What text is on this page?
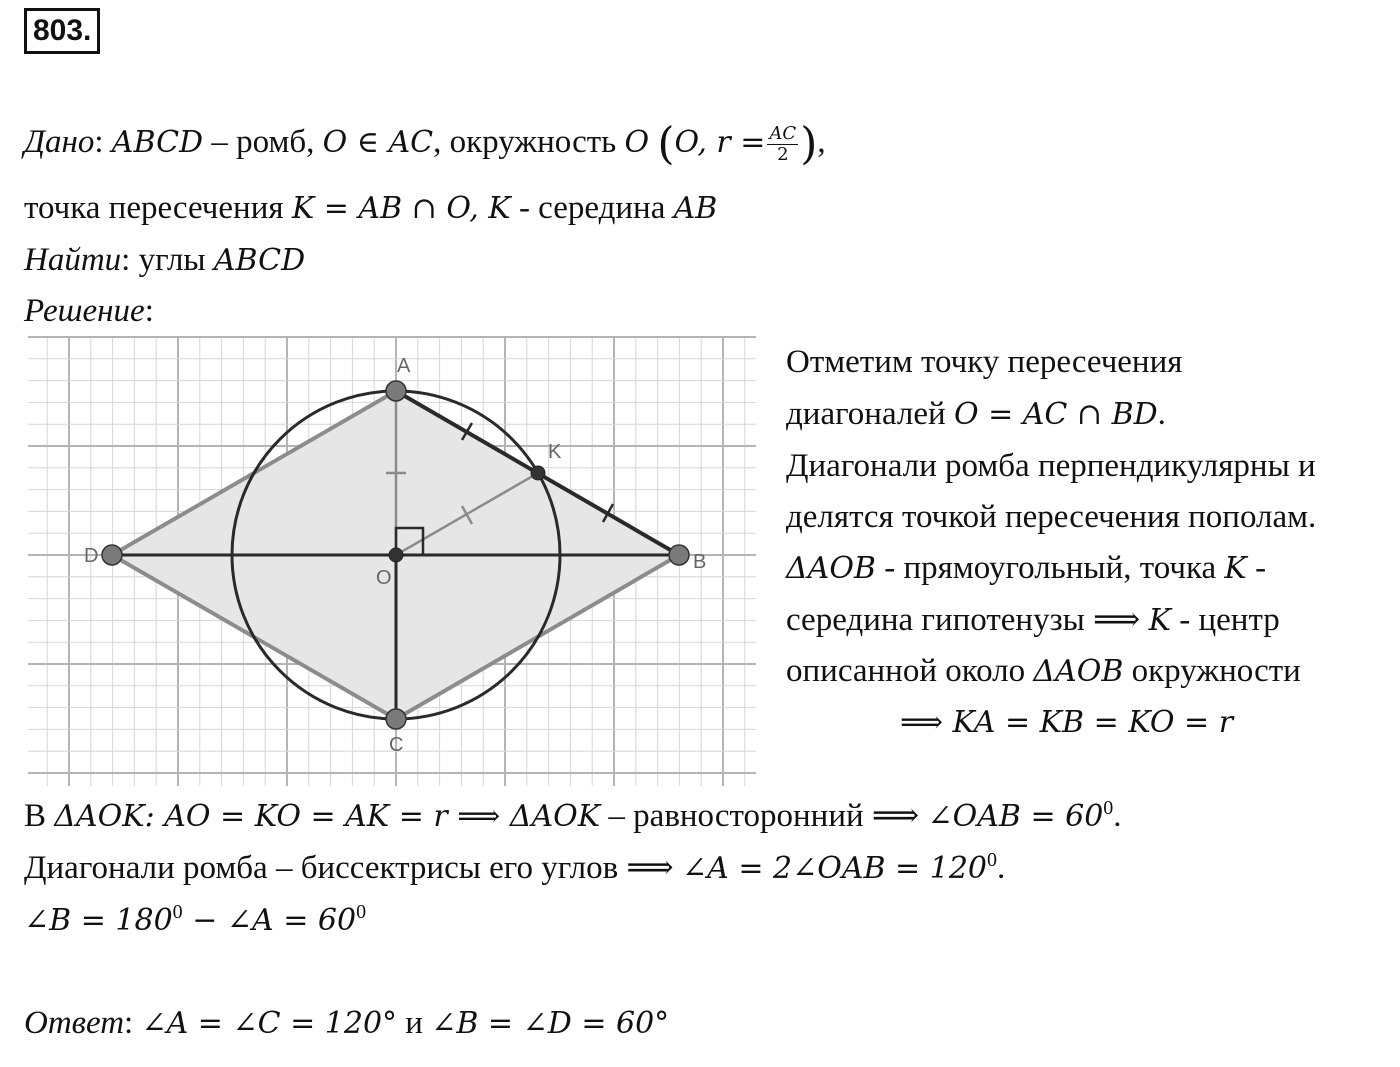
803.
Дано: ABCD – ромб, O ∈ AC, окружность O (O, $r = \frac{AC}{2}$ ),
точка пересечения K = AB ∩ O, K - середина AB
Найти: углы ABCD
Решение:
A
B
C
D
O
K
Отметим точку пересечения
диагоналей O = AC ∩ BD.
Диагонали ромба перпендикулярны и
делятся точкой пересечения пополам.
ΔAOB - прямоугольный, точка K -
середина гипотенузы ⟹ K - центр
описанной около ΔAOB окружности
⟹ KA = KB = KO = r
В ΔAOK: AO = KO = AK = r ⟹ ΔAOK – равносторонний ⟹ ∠OAB = $60^0$.
Диагонали ромба – биссектрисы его углов ⟹ ∠A = 2∠OAB = $120^0$.
∠B = $180^0$ − ∠A = $60^0$
Ответ: ∠A = ∠C = 120° и ∠B = ∠D = 60°
